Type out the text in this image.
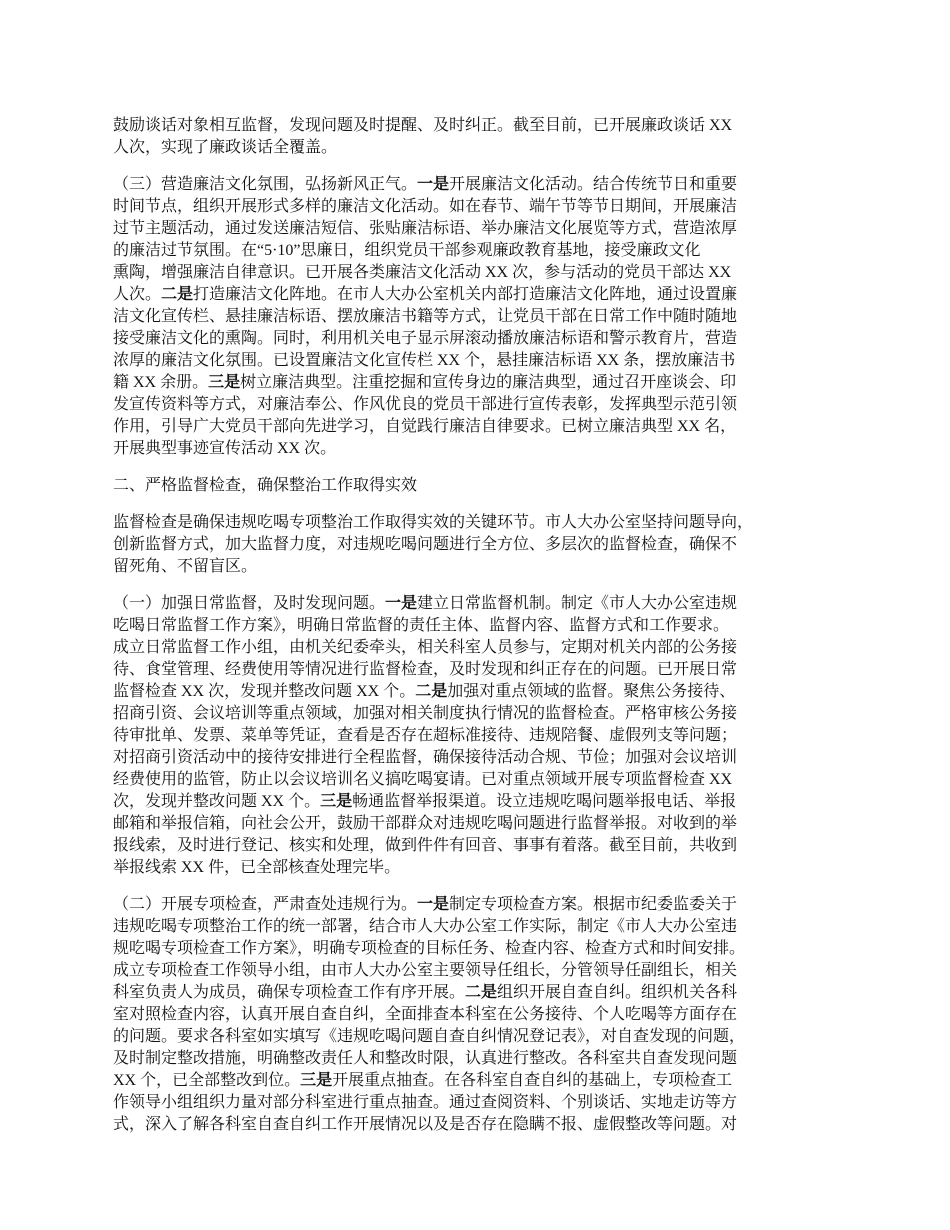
鼓励谈话对象相互监督，发现问题及时提醒、及时纠正。截至目前，已开展廉政谈话 XX
人次，实现了廉政谈话全覆盖。
（三）营造廉洁文化氛围，弘扬新风正气。一是开展廉洁文化活动。结合传统节日和重要
时间节点，组织开展形式多样的廉洁文化活动。如在春节、端午节等节日期间，开展廉洁
过节主题活动，通过发送廉洁短信、张贴廉洁标语、举办廉洁文化展览等方式，营造浓厚
的廉洁过节氛围。在“5·10”思廉日，组织党员干部参观廉政教育基地，接受廉政文化
熏陶，增强廉洁自律意识。已开展各类廉洁文化活动 XX 次，参与活动的党员干部达 XX
人次。二是打造廉洁文化阵地。在市人大办公室机关内部打造廉洁文化阵地，通过设置廉
洁文化宣传栏、悬挂廉洁标语、摆放廉洁书籍等方式，让党员干部在日常工作中随时随地
接受廉洁文化的熏陶。同时，利用机关电子显示屏滚动播放廉洁标语和警示教育片，营造
浓厚的廉洁文化氛围。已设置廉洁文化宣传栏 XX 个，悬挂廉洁标语 XX 条，摆放廉洁书
籍 XX 余册。三是树立廉洁典型。注重挖掘和宣传身边的廉洁典型，通过召开座谈会、印
发宣传资料等方式，对廉洁奉公、作风优良的党员干部进行宣传表彰，发挥典型示范引领
作用，引导广大党员干部向先进学习，自觉践行廉洁自律要求。已树立廉洁典型 XX 名，
开展典型事迹宣传活动 XX 次。
二、严格监督检查，确保整治工作取得实效
监督检查是确保违规吃喝专项整治工作取得实效的关键环节。市人大办公室坚持问题导向，
创新监督方式，加大监督力度，对违规吃喝问题进行全方位、多层次的监督检查，确保不
留死角、不留盲区。
（一）加强日常监督，及时发现问题。一是建立日常监督机制。制定《市人大办公室违规
吃喝日常监督工作方案》，明确日常监督的责任主体、监督内容、监督方式和工作要求。
成立日常监督工作小组，由机关纪委牵头，相关科室人员参与，定期对机关内部的公务接
待、食堂管理、经费使用等情况进行监督检查，及时发现和纠正存在的问题。已开展日常
监督检查 XX 次，发现并整改问题 XX 个。二是加强对重点领域的监督。聚焦公务接待、
招商引资、会议培训等重点领域，加强对相关制度执行情况的监督检查。严格审核公务接
待审批单、发票、菜单等凭证，查看是否存在超标准接待、违规陪餐、虚假列支等问题；
对招商引资活动中的接待安排进行全程监督，确保接待活动合规、节俭；加强对会议培训
经费使用的监管，防止以会议培训名义搞吃喝宴请。已对重点领域开展专项监督检查 XX
次，发现并整改问题 XX 个。三是畅通监督举报渠道。设立违规吃喝问题举报电话、举报
邮箱和举报信箱，向社会公开，鼓励干部群众对违规吃喝问题进行监督举报。对收到的举
报线索，及时进行登记、核实和处理，做到件件有回音、事事有着落。截至目前，共收到
举报线索 XX 件，已全部核查处理完毕。
（二）开展专项检查，严肃查处违规行为。一是制定专项检查方案。根据市纪委监委关于
违规吃喝专项整治工作的统一部署，结合市人大办公室工作实际，制定《市人大办公室违
规吃喝专项检查工作方案》，明确专项检查的目标任务、检查内容、检查方式和时间安排。
成立专项检查工作领导小组，由市人大办公室主要领导任组长，分管领导任副组长，相关
科室负责人为成员，确保专项检查工作有序开展。二是组织开展自查自纠。组织机关各科
室对照检查内容，认真开展自查自纠，全面排查本科室在公务接待、个人吃喝等方面存在
的问题。要求各科室如实填写《违规吃喝问题自查自纠情况登记表》，对自查发现的问题，
及时制定整改措施，明确整改责任人和整改时限，认真进行整改。各科室共自查发现问题
XX 个，已全部整改到位。三是开展重点抽查。在各科室自查自纠的基础上，专项检查工
作领导小组组织力量对部分科室进行重点抽查。通过查阅资料、个别谈话、实地走访等方
式，深入了解各科室自查自纠工作开展情况以及是否存在隐瞒不报、虚假整改等问题。对
